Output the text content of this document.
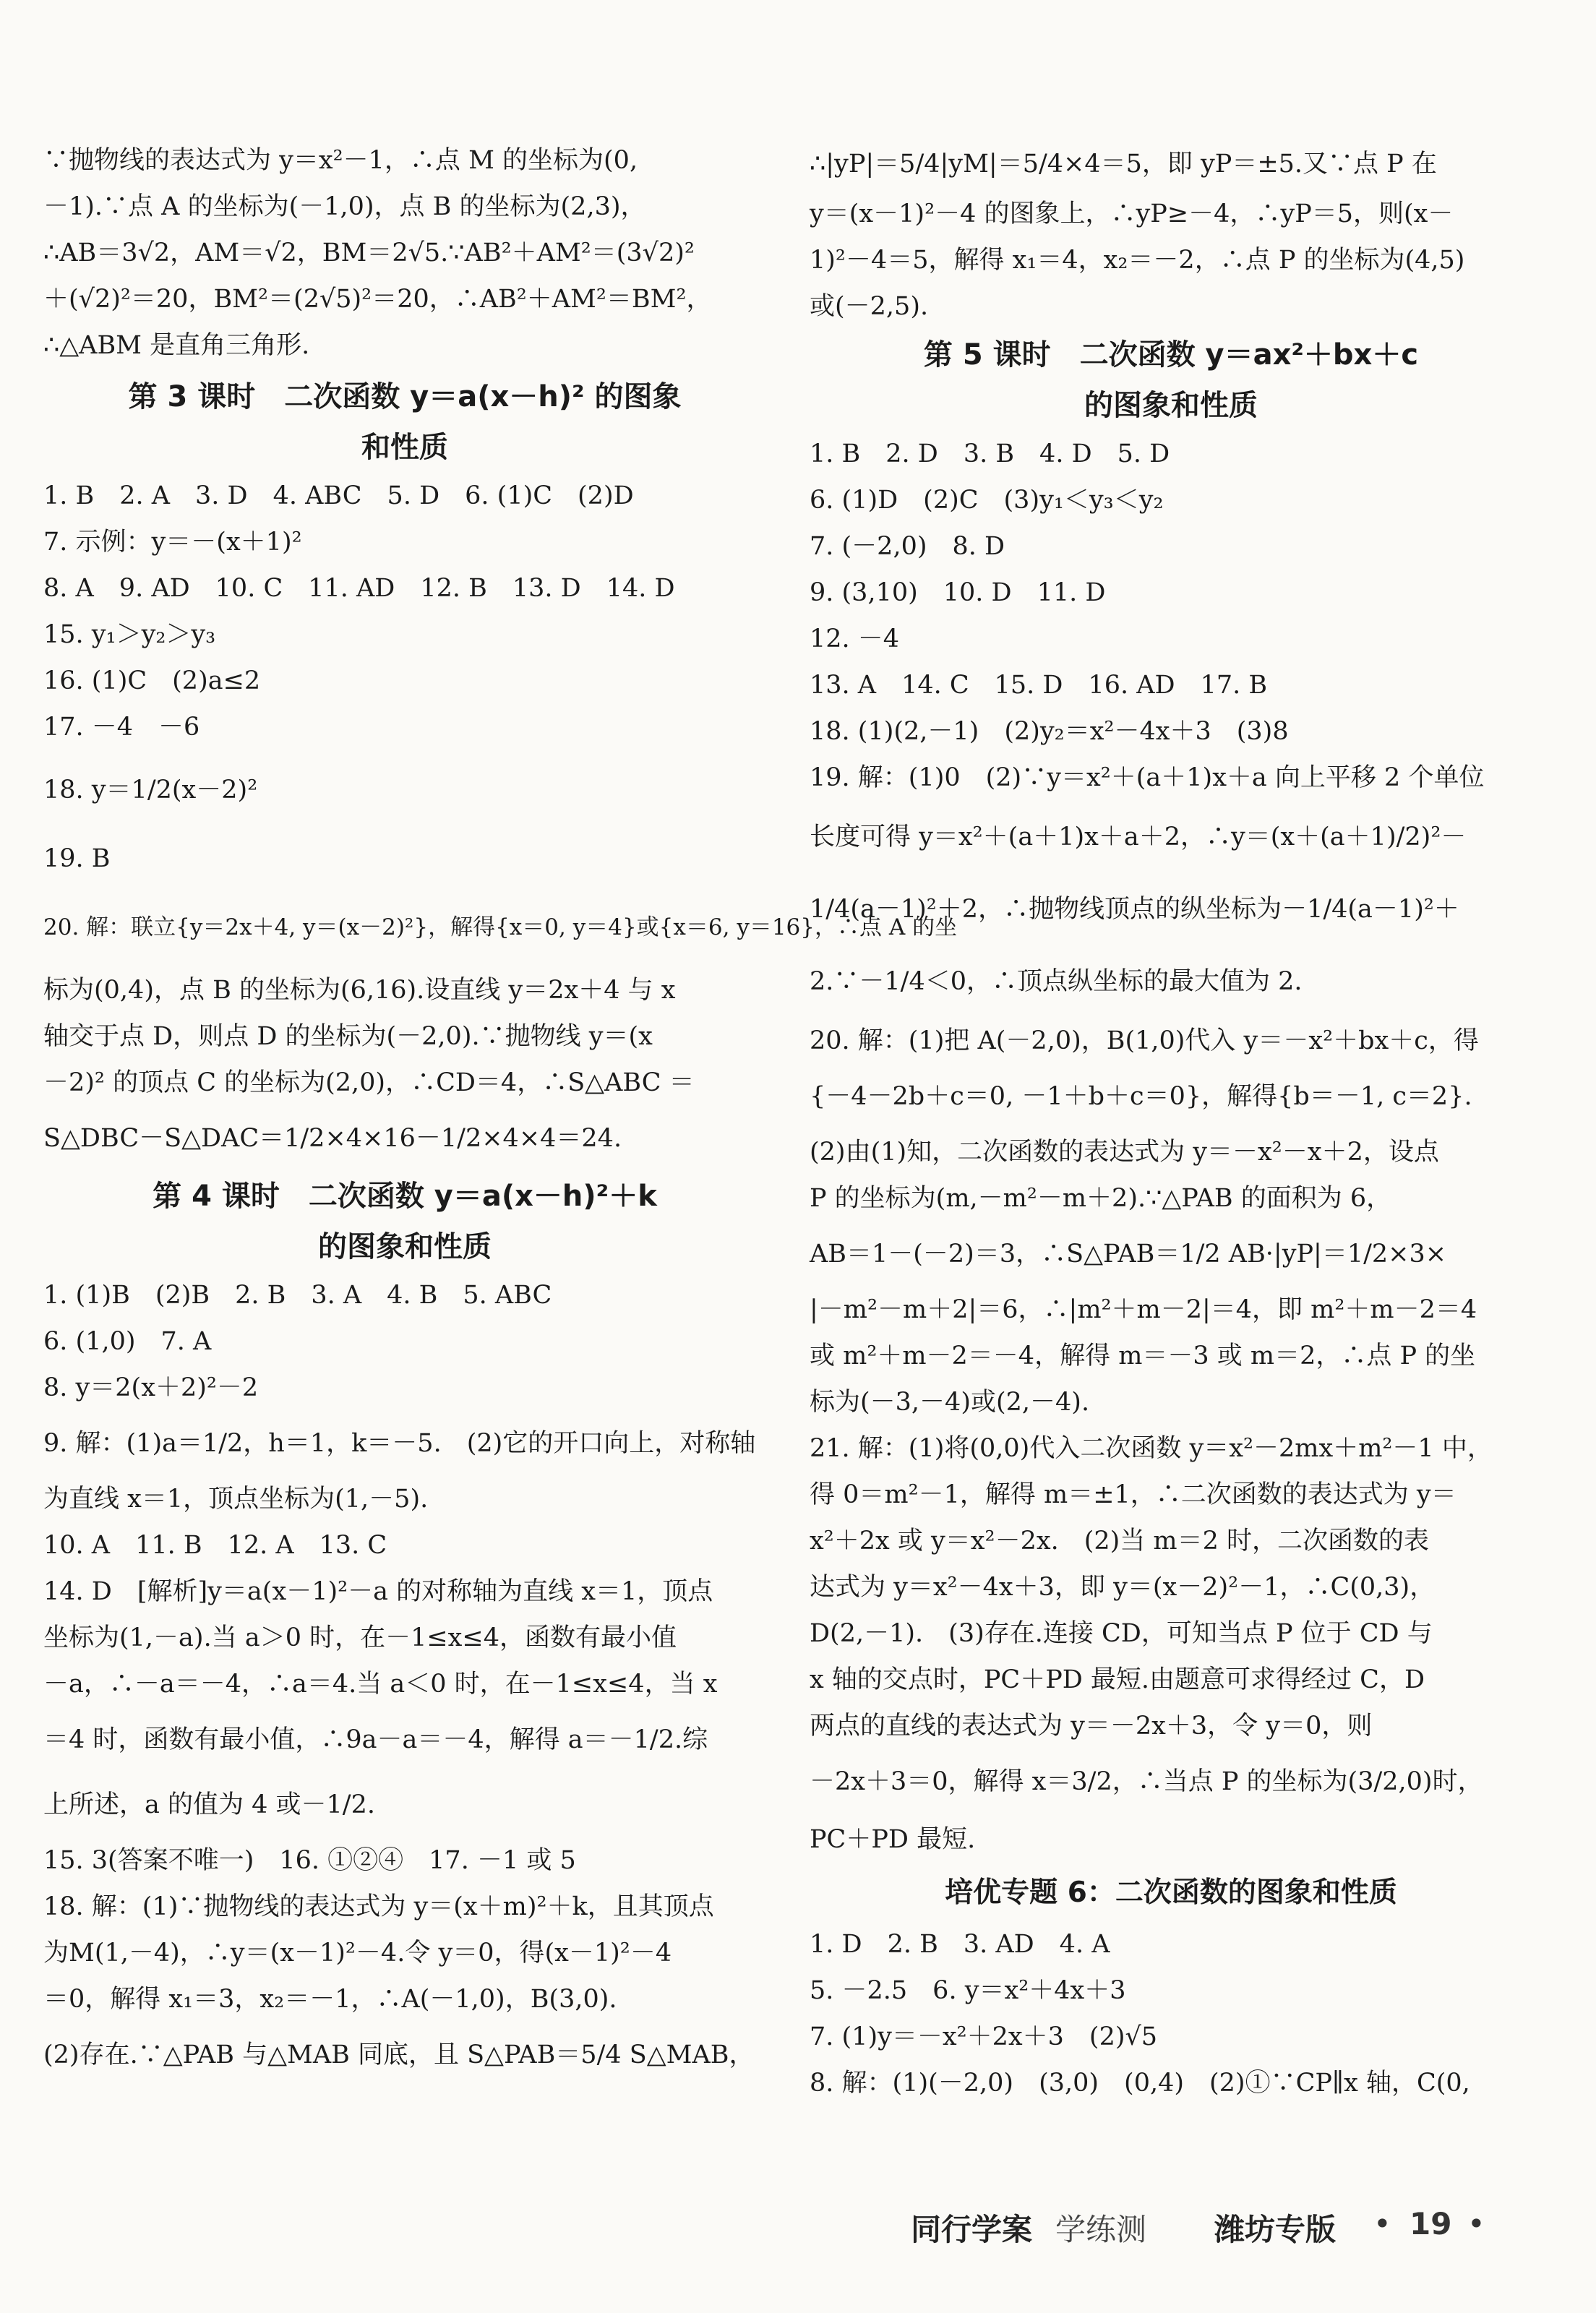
∵抛物线的表达式为 y＝x²－1，∴点 M 的坐标为(0,

－1).∵点 A 的坐标为(－1,0)，点 B 的坐标为(2,3)，

∴AB＝3√2，AM＝√2，BM＝2√5.∵AB²＋AM²＝(3√2)²

＋(√2)²＝20，BM²＝(2√5)²＝20，∴AB²＋AM²＝BM²，

∴△ABM 是直角三角形.

第 3 课时　二次函数 y＝a(x－h)² 的图象
和性质

1. B　2. A　3. D　4. ABC　5. D　6. (1)C　(2)D

7. 示例：y＝－(x＋1)²

8. A　9. AD　10. C　11. AD　12. B　13. D　14. D

15. y₁＞y₂＞y₃

16. (1)C　(2)a≤2

17. －4　－6

18. y＝1/2(x－2)²

19. B

20. 解：联立{y＝2x＋4, y＝(x－2)²}，解得{x＝0, y＝4}或{x＝6, y＝16}，∴点 A 的坐

标为(0,4)，点 B 的坐标为(6,16).设直线 y＝2x＋4 与 x

轴交于点 D，则点 D 的坐标为(－2,0).∵抛物线 y＝(x

－2)² 的顶点 C 的坐标为(2,0)，∴CD＝4，∴S△ABC ＝

S△DBC－S△DAC＝1/2×4×16－1/2×4×4＝24.

第 4 课时　二次函数 y＝a(x－h)²＋k
的图象和性质

1. (1)B　(2)B　2. B　3. A　4. B　5. ABC

6. (1,0)　7. A

8. y＝2(x＋2)²－2

9. 解：(1)a＝1/2，h＝1，k＝－5.　(2)它的开口向上，对称轴

为直线 x＝1，顶点坐标为(1,－5).

10. A　11. B　12. A　13. C

14. D　[解析]y＝a(x－1)²－a 的对称轴为直线 x＝1，顶点

坐标为(1,－a).当 a＞0 时，在－1≤x≤4，函数有最小值

－a，∴－a＝－4，∴a＝4.当 a＜0 时，在－1≤x≤4，当 x

＝4 时，函数有最小值，∴9a－a＝－4，解得 a＝－1/2.综

上所述，a 的值为 4 或－1/2.

15. 3(答案不唯一)　16. ①②④　17. －1 或 5

18. 解：(1)∵抛物线的表达式为 y＝(x＋m)²＋k，且其顶点

为M(1,－4)，∴y＝(x－1)²－4.令 y＝0，得(x－1)²－4

＝0，解得 x₁＝3，x₂＝－1，∴A(－1,0)，B(3,0).

(2)存在.∵△PAB 与△MAB 同底，且 S△PAB＝5/4 S△MAB，

∴|yP|＝5/4|yM|＝5/4×4＝5，即 yP＝±5.又∵点 P 在

y＝(x－1)²－4 的图象上，∴yP≥－4，∴yP＝5，则(x－

1)²－4＝5，解得 x₁＝4，x₂＝－2，∴点 P 的坐标为(4,5)

或(－2,5).

第 5 课时　二次函数 y＝ax²＋bx＋c
的图象和性质

1. B　2. D　3. B　4. D　5. D

6. (1)D　(2)C　(3)y₁＜y₃＜y₂

7. (－2,0)　8. D

9. (3,10)　10. D　11. D

12. －4

13. A　14. C　15. D　16. AD　17. B

18. (1)(2,－1)　(2)y₂＝x²－4x＋3　(3)8

19. 解：(1)0　(2)∵y＝x²＋(a＋1)x＋a 向上平移 2 个单位

长度可得 y＝x²＋(a＋1)x＋a＋2，∴y＝(x＋(a＋1)/2)²－

1/4(a－1)²＋2，∴抛物线顶点的纵坐标为－1/4(a－1)²＋

2.∵－1/4＜0，∴顶点纵坐标的最大值为 2.

20. 解：(1)把 A(－2,0)，B(1,0)代入 y＝－x²＋bx＋c，得

{－4－2b＋c＝0, －1＋b＋c＝0}，解得{b＝－1, c＝2}.

(2)由(1)知，二次函数的表达式为 y＝－x²－x＋2，设点

P 的坐标为(m,－m²－m＋2).∵△PAB 的面积为 6，

AB＝1－(－2)＝3，∴S△PAB＝1/2 AB·|yP|＝1/2×3×

|－m²－m＋2|＝6，∴|m²＋m－2|＝4，即 m²＋m－2＝4

或 m²＋m－2＝－4，解得 m＝－3 或 m＝2，∴点 P 的坐

标为(－3,－4)或(2,－4).

21. 解：(1)将(0,0)代入二次函数 y＝x²－2mx＋m²－1 中，

得 0＝m²－1，解得 m＝±1，∴二次函数的表达式为 y＝

x²＋2x 或 y＝x²－2x.　(2)当 m＝2 时，二次函数的表

达式为 y＝x²－4x＋3，即 y＝(x－2)²－1，∴C(0,3)，

D(2,－1).　(3)存在.连接 CD，可知当点 P 位于 CD 与

x 轴的交点时，PC＋PD 最短.由题意可求得经过 C，D

两点的直线的表达式为 y＝－2x＋3，令 y＝0，则

－2x＋3＝0，解得 x＝3/2，∴当点 P 的坐标为(3/2,0)时，

PC＋PD 最短.

培优专题 6：二次函数的图象和性质

1. D　2. B　3. AD　4. A

5. －2.5　6. y＝x²＋4x＋3

7. (1)y＝－x²＋2x＋3　(2)√5

8. 解：(1)(－2,0)　(3,0)　(0,4)　(2)①∵CP∥x 轴，C(0,

同行学案 学练测 潍坊专版 • 19 •
